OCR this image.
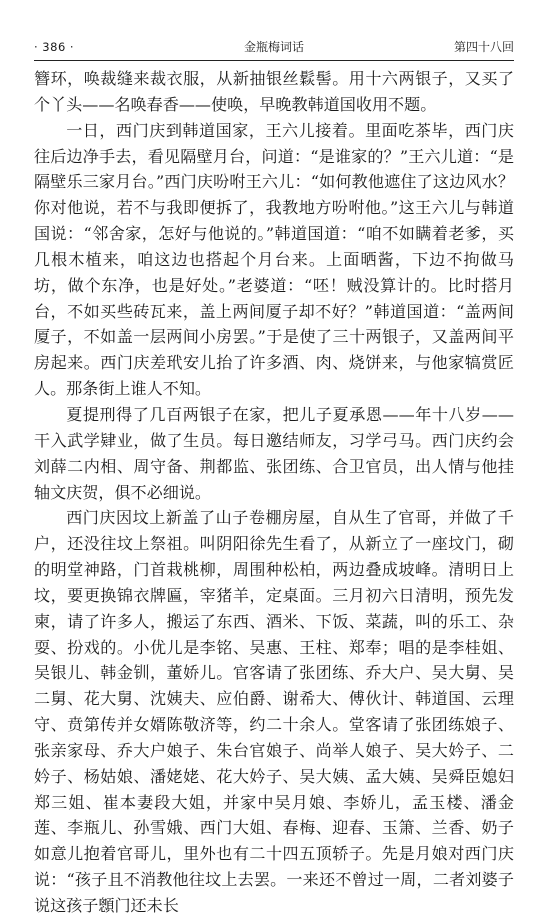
· 386 ·	金瓶梅词话	第四十八回

簪环，唤裁缝来裁衣服，从新抽银丝鬏髻。用十六两银子，又买了个丫头——名唤春香——使唤，早晚教韩道国收用不题。

一日，西门庆到韩道国家，王六儿接着。里面吃茶毕，西门庆往后边净手去，看见隔壁月台，问道：“是谁家的？”王六儿道：“是隔壁乐三家月台。”西门庆吩咐王六儿：“如何教他遮住了这边风水？你对他说，若不与我即便拆了，我教地方吩咐他。”这王六儿与韩道国说：“邻舍家，怎好与他说的。”韩道国道：“咱不如瞒着老爹，买几根木植来，咱这边也搭起个月台来。上面晒酱，下边不拘做马坊，做个东净，也是好处。”老婆道：“呸！贼没算计的。比时搭月台，不如买些砖瓦来，盖上两间厦子却不好？”韩道国道：“盖两间厦子，不如盖一层两间小房罢。”于是使了三十两银子，又盖两间平房起来。西门庆差玳安儿抬了许多酒、肉、烧饼来，与他家犒赏匠人。那条街上谁人不知。

夏提刑得了几百两银子在家，把儿子夏承恩——年十八岁——干入武学肄业，做了生员。每日邀结师友，习学弓马。西门庆约会刘薛二内相、周守备、荆都监、张团练、合卫官员，出人情与他挂轴文庆贺，俱不必细说。

西门庆因坟上新盖了山子卷棚房屋，自从生了官哥，并做了千户，还没往坟上祭祖。叫阴阳徐先生看了，从新立了一座坟门，砌的明堂神路，门首栽桃柳，周围种松柏，两边叠成坡峰。清明日上坟，要更换锦衣牌匾，宰猪羊，定桌面。三月初六日清明，预先发柬，请了许多人，搬运了东西、酒米、下饭、菜蔬，叫的乐工、杂耍、扮戏的。小优儿是李铭、吴惠、王柱、郑奉；唱的是李桂姐、吴银儿、韩金钏，董娇儿。官客请了张团练、乔大户、吴大舅、吴二舅、花大舅、沈姨夫、应伯爵、谢希大、傅伙计、韩道国、云理守、贲第传并女婿陈敬济等，约二十余人。堂客请了张团练娘子、张亲家母、乔大户娘子、朱台官娘子、尚举人娘子、吴大妗子、二妗子、杨姑娘、潘姥姥、花大妗子、吴大姨、孟大姨、吴舜臣媳妇郑三姐、崔本妻段大姐，并家中吴月娘、李娇儿，孟玉楼、潘金莲、李瓶儿、孙雪娥、西门大姐、春梅、迎春、玉箫、兰香、奶子如意儿抱着官哥儿，里外也有二十四五顶轿子。先是月娘对西门庆说：“孩子且不消教他往坟上去罢。一来还不曾过一周，二者刘婆子说这孩子顖门还未长
